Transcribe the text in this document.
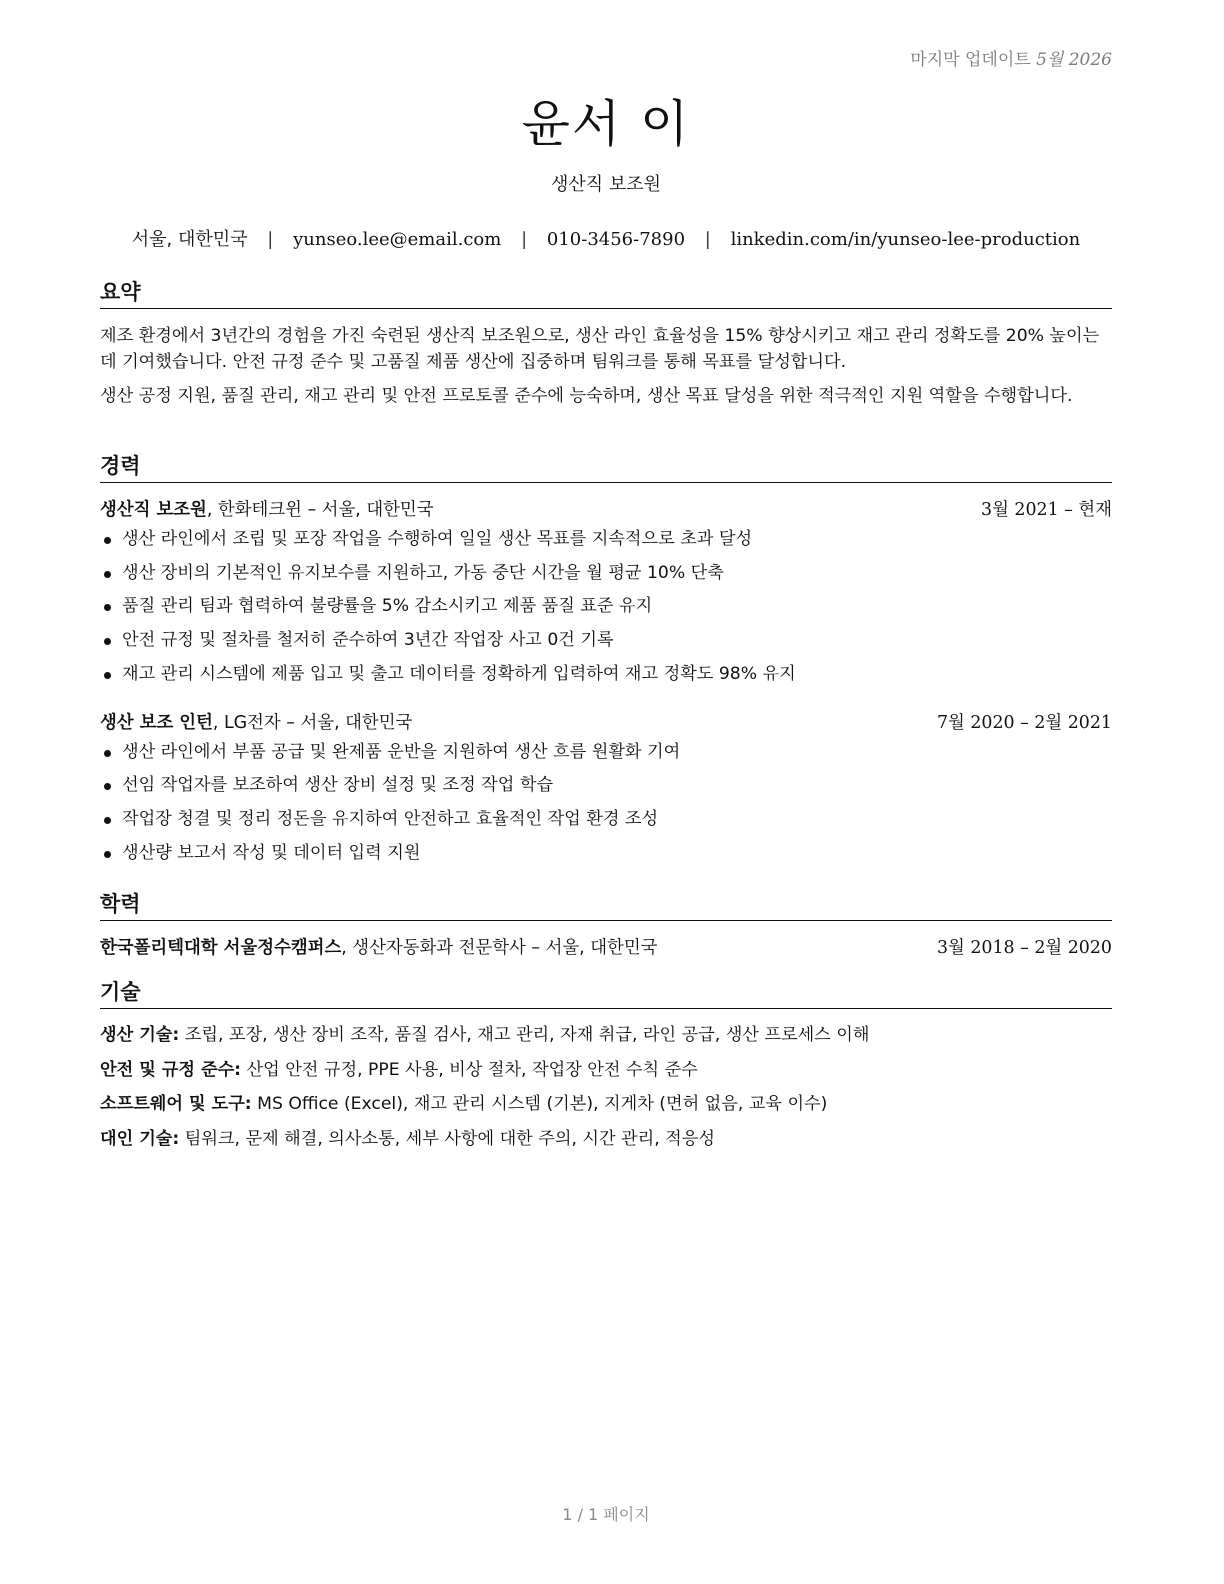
마지막 업데이트 5월 2026
윤서 이
생산직 보조원
서울, 대한민국 | yunseo.lee@email.com | 010-3456-7890 | linkedin.com/in/yunseo-lee-production
요약

제조 환경에서 3년간의 경험을 가진 숙련된 생산직 보조원으로, 생산 라인 효율성을 15% 향상시키고 재고 관리 정확도를 20% 높이는 데 기여했습니다. 안전 규정 준수 및 고품질 제품 생산에 집중하며 팀워크를 통해 목표를 달성합니다.

생산 공정 지원, 품질 관리, 재고 관리 및 안전 프로토콜 준수에 능숙하며, 생산 목표 달성을 위한 적극적인 지원 역할을 수행합니다.

경력
생산직 보조원, 한화테크윈 – 서울, 대한민국	3월 2021 – 현재
생산 라인에서 조립 및 포장 작업을 수행하여 일일 생산 목표를 지속적으로 초과 달성
생산 장비의 기본적인 유지보수를 지원하고, 가동 중단 시간을 월 평균 10% 단축
품질 관리 팀과 협력하여 불량률을 5% 감소시키고 제품 품질 표준 유지
안전 규정 및 절차를 철저히 준수하여 3년간 작업장 사고 0건 기록
재고 관리 시스템에 제품 입고 및 출고 데이터를 정확하게 입력하여 재고 정확도 98% 유지
생산 보조 인턴, LG전자 – 서울, 대한민국	7월 2020 – 2월 2021
생산 라인에서 부품 공급 및 완제품 운반을 지원하여 생산 흐름 원활화 기여
선임 작업자를 보조하여 생산 장비 설정 및 조정 작업 학습
작업장 청결 및 정리 정돈을 유지하여 안전하고 효율적인 작업 환경 조성
생산량 보고서 작성 및 데이터 입력 지원
학력
한국폴리텍대학 서울정수캠퍼스, 생산자동화과 전문학사 – 서울, 대한민국	3월 2018 – 2월 2020
기술
생산 기술: 조립, 포장, 생산 장비 조작, 품질 검사, 재고 관리, 자재 취급, 라인 공급, 생산 프로세스 이해
안전 및 규정 준수: 산업 안전 규정, PPE 사용, 비상 절차, 작업장 안전 수칙 준수
소프트웨어 및 도구: MS Office (Excel), 재고 관리 시스템 (기본), 지게차 (면허 없음, 교육 이수)
대인 기술: 팀워크, 문제 해결, 의사소통, 세부 사항에 대한 주의, 시간 관리, 적응성
1 / 1 페이지
